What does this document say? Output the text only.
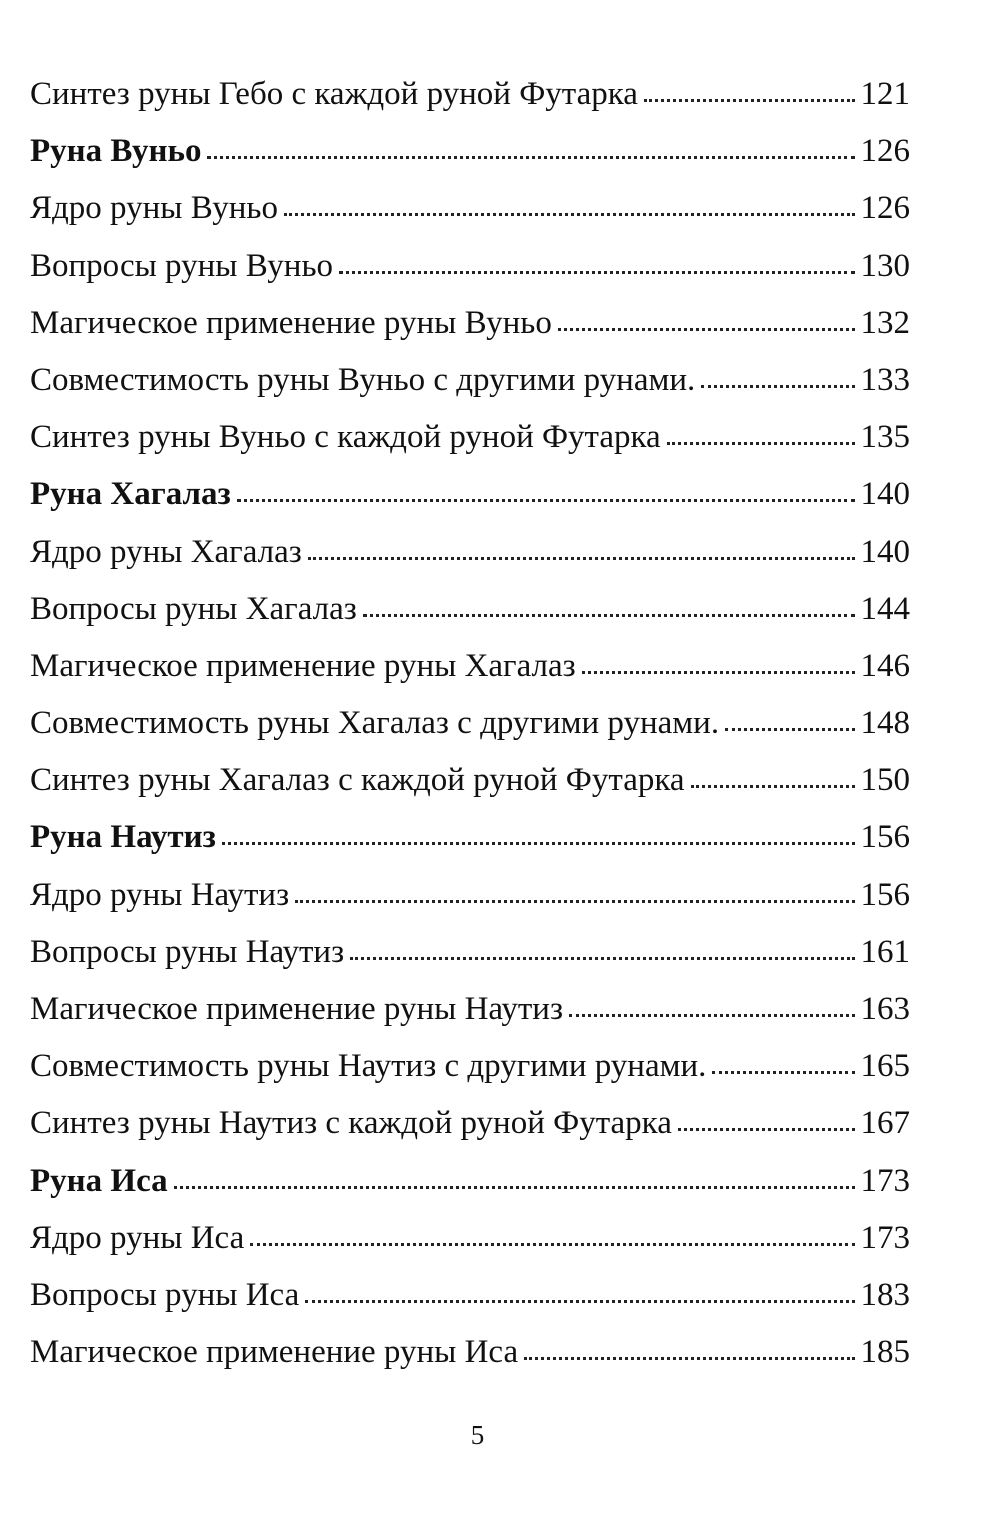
Синтез руны Гебо с каждой руной Футарка	121
Руна Вуньо	126
Ядро руны Вуньо	126
Вопросы руны Вуньо	130
Магическое применение руны Вуньо	132
Совместимость руны Вуньо с другими рунами.	133
Синтез руны Вуньо с каждой руной Футарка	135
Руна Хагалаз	140
Ядро руны Хагалаз	140
Вопросы руны Хагалаз	144
Магическое применение руны Хагалаз	146
Совместимость руны Хагалаз с другими рунами.	148
Синтез руны Хагалаз с каждой руной Футарка	150
Руна Наутиз	156
Ядро руны Наутиз	156
Вопросы руны Наутиз	161
Магическое применение руны Наутиз	163
Совместимость руны Наутиз с другими рунами.	165
Синтез руны Наутиз с каждой руной Футарка	167
Руна Иса	173
Ядро руны Иса	173
Вопросы руны Иса	183
Магическое применение руны Иса	185
5
